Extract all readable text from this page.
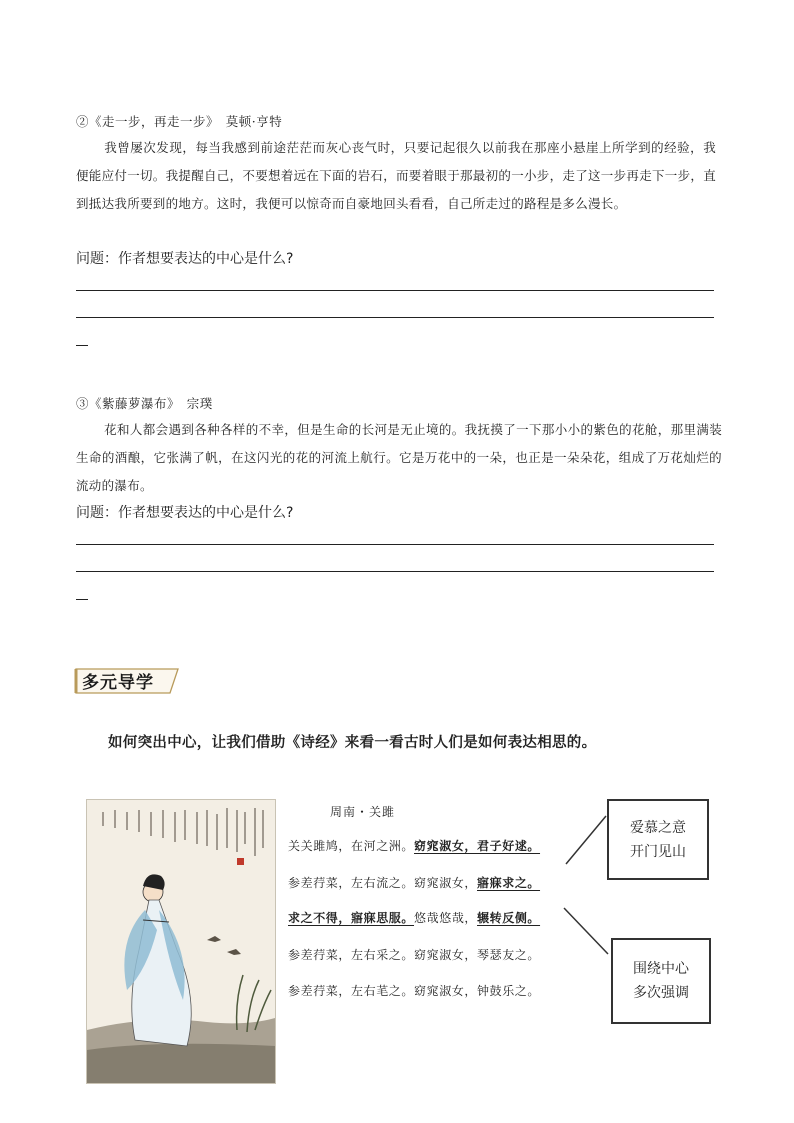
②《走一步，再走一步》　莫顿·亨特
我曾屡次发现，每当我感到前途茫茫而灰心丧气时，只要记起很久以前我在那座小悬崖上所学到的经验，我便能应付一切。我提醒自己，不要想着远在下面的岩石，而要着眼于那最初的一小步，走了这一步再走下一步，直到抵达我所要到的地方。这时，我便可以惊奇而自豪地回头看看，自己所走过的路程是多么漫长。
问题：作者想要表达的中心是什么?
③《紫藤萝瀑布》　宗璞
花和人都会遇到各种各样的不幸，但是生命的长河是无止境的。我抚摸了一下那小小的紫色的花舱，那里满装生命的酒酿，它张满了帆，在这闪光的花的河流上航行。它是万花中的一朵，也正是一朵朵花，组成了万花灿烂的流动的瀑布。
问题：作者想要表达的中心是什么?
多元导学
如何突出中心，让我们借助《诗经》来看一看古时人们是如何表达相思的。
周南・关雎
关关雎鸠，在河之洲。窈窕淑女，君子好逑。
参差荇菜，左右流之。窈窕淑女，寤寐求之。
求之不得，寤寐思服。悠哉悠哉，辗转反侧。
参差荇菜，左右采之。窈窕淑女，琴瑟友之。
参差荇菜，左右芼之。窈窕淑女，钟鼓乐之。
爱慕之意
开门见山
围绕中心
多次强调
